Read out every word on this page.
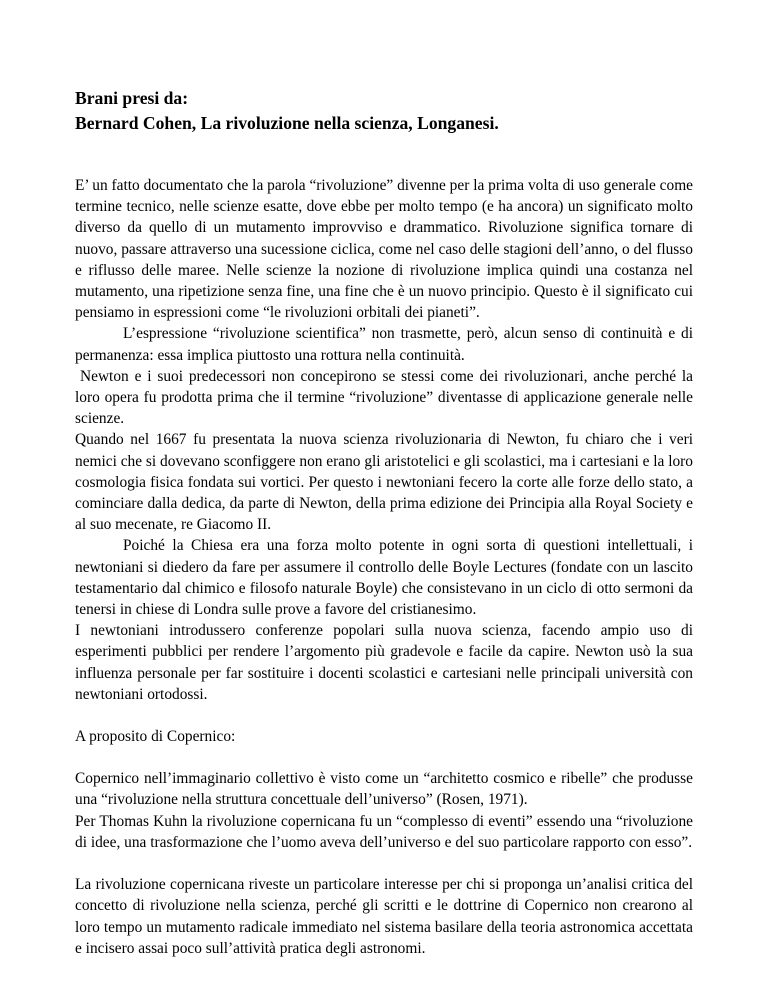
Brani presi da:

Bernard Cohen, La rivoluzione nella scienza, Longanesi.

E’ un fatto documentato che la parola “rivoluzione” divenne per la prima volta di uso generale come termine tecnico, nelle scienze esatte, dove ebbe per molto tempo (e ha ancora) un significato molto diverso da quello di un mutamento improvviso e drammatico. Rivoluzione significa tornare di nuovo, passare attraverso una sucessione ciclica, come nel caso delle stagioni dell’anno, o del flusso e riflusso delle maree. Nelle scienze la nozione di rivoluzione implica quindi una costanza nel mutamento, una ripetizione senza fine, una fine che è un nuovo principio. Questo è il significato cui pensiamo in espressioni come “le rivoluzioni orbitali dei pianeti”.

L’espressione “rivoluzione scientifica” non trasmette, però, alcun senso di continuità e di permanenza: essa implica piuttosto una rottura nella continuità.

Newton e i suoi predecessori non concepirono se stessi come dei rivoluzionari, anche perché la loro opera fu prodotta prima che il termine “rivoluzione” diventasse di applicazione generale nelle scienze.

Quando nel 1667 fu presentata la nuova scienza rivoluzionaria di Newton, fu chiaro che i veri nemici che si dovevano sconfiggere non erano gli aristotelici e gli scolastici, ma i cartesiani e la loro cosmologia fisica fondata sui vortici. Per questo i newtoniani fecero la corte alle forze dello stato, a cominciare dalla dedica, da parte di Newton, della prima edizione dei Principia alla Royal Society e al suo mecenate, re Giacomo II.

Poiché la Chiesa era una forza molto potente in ogni sorta di questioni intellettuali, i newtoniani si diedero da fare per assumere il controllo delle Boyle Lectures (fondate con un lascito testamentario dal chimico e filosofo naturale Boyle) che consistevano in un ciclo di otto sermoni da tenersi in chiese di Londra sulle prove a favore del cristianesimo.

I newtoniani introdussero conferenze popolari sulla nuova scienza, facendo ampio uso di esperimenti pubblici per rendere l’argomento più gradevole e facile da capire. Newton usò la sua influenza personale per far sostituire i docenti scolastici e cartesiani nelle principali università con newtoniani ortodossi.

A proposito di Copernico:

Copernico nell’immaginario collettivo è visto come un “architetto cosmico e ribelle” che produsse una “rivoluzione nella struttura concettuale dell’universo” (Rosen, 1971).

Per Thomas Kuhn la rivoluzione copernicana fu un “complesso di eventi” essendo una “rivoluzione di idee, una trasformazione che l’uomo aveva dell’universo e del suo particolare rapporto con esso”.

La rivoluzione copernicana riveste un particolare interesse per chi si proponga un’analisi critica del concetto di rivoluzione nella scienza, perché gli scritti e le dottrine di Copernico non crearono al loro tempo un mutamento radicale immediato nel sistema basilare della teoria astronomica accettata e incisero assai poco sull’attività pratica degli astronomi.
